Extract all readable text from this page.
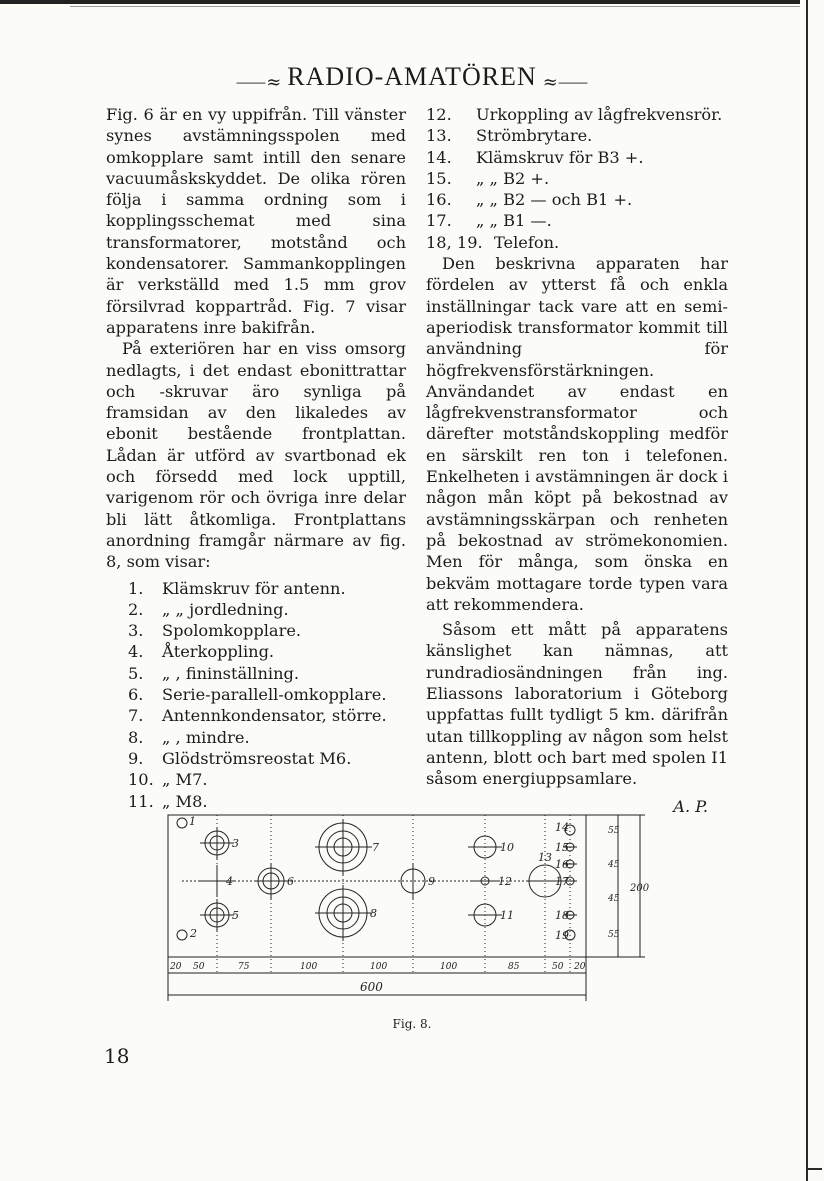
⸺≈ RADIO-AMATÖREN ≈⸺

Fig. 6 är en vy uppifrån. Till vänster synes avstämningsspolen med omkopplare samt intill den senare vacuumåskskyddet. De olika rören följa i samma ordning som i kopplingsschemat med sina transformatorer, motstånd och kondensatorer. Sammankopplingen är verkställd med 1.5 mm grov försilvrad koppartråd. Fig. 7 visar apparatens inre bakifrån.

På exteriören har en viss omsorg nedlagts, i det endast ebonittrattar och -skruvar äro synliga på framsidan av den likaledes av ebonit bestående frontplattan. Lådan är utförd av svartbonad ek och försedd med lock upptill, varigenom rör och övriga inre delar bli lätt åtkomliga. Frontplattans anordning framgår närmare av fig. 8, som visar:

1.	Klämskruv för antenn.
2.	„ „ jordledning.
3.	Spolomkopplare.
4.	Återkoppling.
5.	„ , fininställning.
6.	Serie-parallell-omkopplare.
7.	Antennkondensator, större.
8.	„ , mindre.
9.	Glödströmsreostat M6.
10. „ M7.
11. „ M8.
12.	Urkoppling av lågfrekvensrör.
13.	Strömbrytare.
14.	Klämskruv för B3 +.
15.	„ „ B2 +.
16.	„ „ B2 — och B1 +.
17.	„ „ B1 —.
18, 19. Telefon.

Den beskrivna apparaten har fördelen av ytterst få och enkla inställningar tack vare att en semi-aperiodisk transformator kommit till användning för högfrekvensförstärkningen. Användandet av endast en lågfrekvenstransformator och därefter motståndskoppling medför en särskilt ren ton i telefonen. Enkelheten i avstämningen är dock i någon mån köpt på bekostnad av avstämningsskärpan och renheten på bekostnad av strömekonomien. Men för många, som önska en bekväm mottagare torde typen vara att rekommendera.

Såsom ett mått på apparatens känslighet kan nämnas, att rundradiosändningen från ing. Eliassons laboratorium i Göteborg uppfattas fullt tydligt 5 km. därifrån utan tillkoppling av någon som helst antenn, blott och bart med spolen I1 såsom energiuppsamlare.

A. P.
1
2
3
4
5
6
7
8
9
10
11
12
13
14
15
16
17
18
19
20 50	75	100	100	100	85	50 20
600
55
45
45
55
200
Fig. 8.
18
